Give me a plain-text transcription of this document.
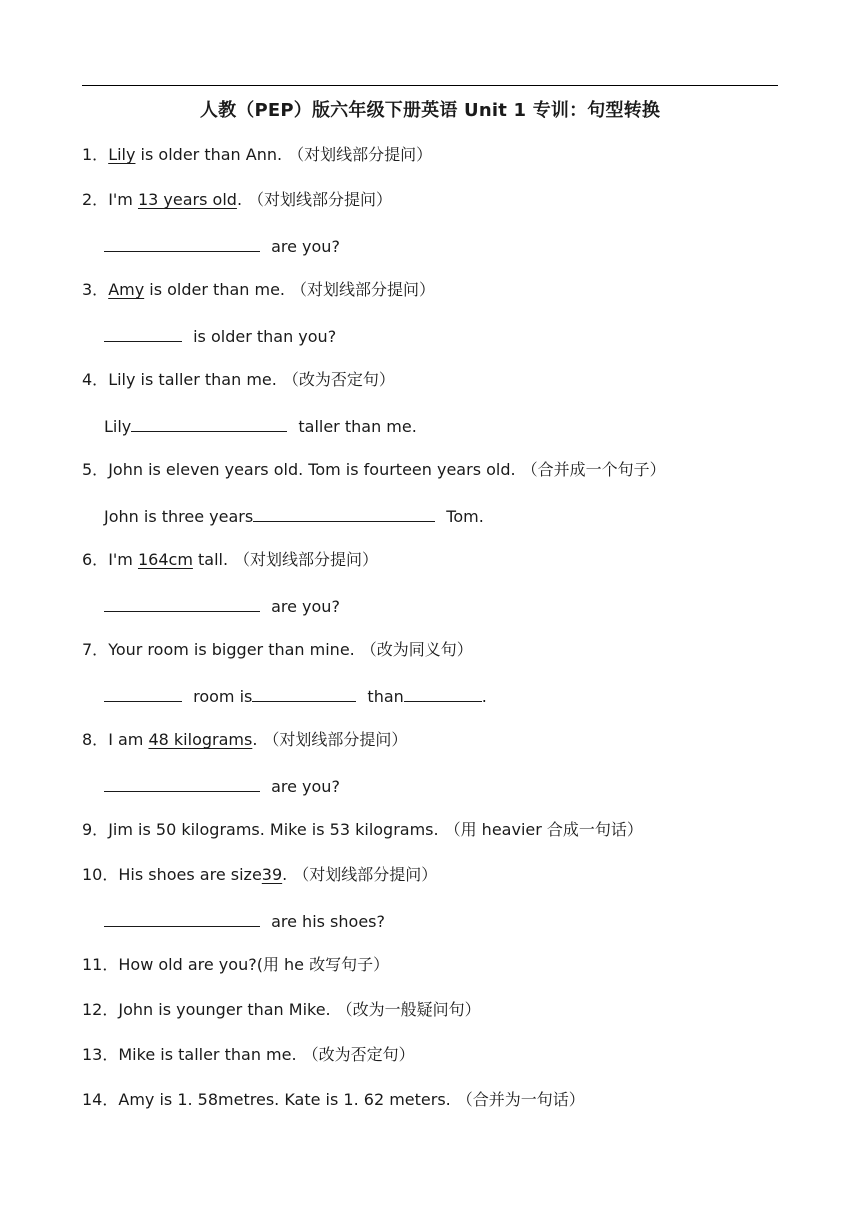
人教（PEP）版六年级下册英语 Unit 1 专训：句型转换
1．Lily is older than Ann. （对划线部分提问）
2．I'm 13 years old. （对划线部分提问）
are you?
3．Amy is older than me. （对划线部分提问）
is older than you?
4．Lily is taller than me. （改为否定句）
Lily	taller than me.
5．John is eleven years old. Tom is fourteen years old. （合并成一个句子）
John is three years	Tom.
6．I'm 164cm tall. （对划线部分提问）
are you?
7．Your room is bigger than mine. （改为同义句）
room is	than	.
8．I am 48 kilograms. （对划线部分提问）
are you?
9．Jim is 50 kilograms. Mike is 53 kilograms. （用 heavier 合成一句话）
10．His shoes are size39. （对划线部分提问）
are his shoes?
11．How old are you?(用 he 改写句子）
12．John is younger than Mike. （改为一般疑问句）
13．Mike is taller than me. （改为否定句）
14．Amy is 1. 58metres. Kate is 1. 62 meters. （合并为一句话）
